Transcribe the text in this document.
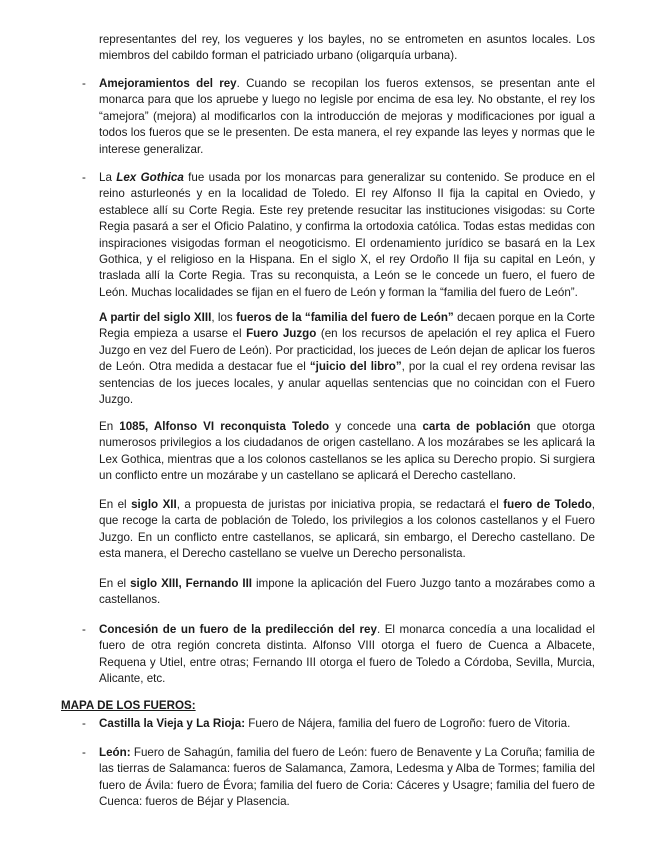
representantes del rey, los vegueres y los bayles, no se entrometen en asuntos locales. Los miembros del cabildo forman el patriciado urbano (oligarquía urbana).

- Amejoramientos del rey. Cuando se recopilan los fueros extensos, se presentan ante el monarca para que los apruebe y luego no legisle por encima de esa ley. No obstante, el rey los “amejora” (mejora) al modificarlos con la introducción de mejoras y modificaciones por igual a todos los fueros que se le presenten. De esta manera, el rey expande las leyes y normas que le interese generalizar.

- La Lex Gothica fue usada por los monarcas para generalizar su contenido. Se produce en el reino asturleonés y en la localidad de Toledo. El rey Alfonso II fija la capital en Oviedo, y establece allí su Corte Regia. Este rey pretende resucitar las instituciones visigodas: su Corte Regia pasará a ser el Oficio Palatino, y confirma la ortodoxia católica. Todas estas medidas con inspiraciones visigodas forman el neogoticismo. El ordenamiento jurídico se basará en la Lex Gothica, y el religioso en la Hispana. En el siglo X, el rey Ordoño II fija su capital en León, y traslada allí la Corte Regia. Tras su reconquista, a León se le concede un fuero, el fuero de León. Muchas localidades se fijan en el fuero de León y forman la “familia del fuero de León”.

A partir del siglo XIII, los fueros de la “familia del fuero de León” decaen porque en la Corte Regia empieza a usarse el Fuero Juzgo (en los recursos de apelación el rey aplica el Fuero Juzgo en vez del Fuero de León). Por practicidad, los jueces de León dejan de aplicar los fueros de León. Otra medida a destacar fue el “juicio del libro”, por la cual el rey ordena revisar las sentencias de los jueces locales, y anular aquellas sentencias que no coincidan con el Fuero Juzgo.

En 1085, Alfonso VI reconquista Toledo y concede una carta de población que otorga numerosos privilegios a los ciudadanos de origen castellano. A los mozárabes se les aplicará la Lex Gothica, mientras que a los colonos castellanos se les aplica su Derecho propio. Si surgiera un conflicto entre un mozárabe y un castellano se aplicará el Derecho castellano.

En el siglo XII, a propuesta de juristas por iniciativa propia, se redactará el fuero de Toledo, que recoge la carta de población de Toledo, los privilegios a los colonos castellanos y el Fuero Juzgo. En un conflicto entre castellanos, se aplicará, sin embargo, el Derecho castellano. De esta manera, el Derecho castellano se vuelve un Derecho personalista.

En el siglo XIII, Fernando III impone la aplicación del Fuero Juzgo tanto a mozárabes como a castellanos.

- Concesión de un fuero de la predilección del rey. El monarca concedía a una localidad el fuero de otra región concreta distinta. Alfonso VIII otorga el fuero de Cuenca a Albacete, Requena y Utiel, entre otras; Fernando III otorga el fuero de Toledo a Córdoba, Sevilla, Murcia, Alicante, etc.

MAPA DE LOS FUEROS:
- Castilla la Vieja y La Rioja: Fuero de Nájera, familia del fuero de Logroño: fuero de Vitoria.

- León: Fuero de Sahagún, familia del fuero de León: fuero de Benavente y La Coruña; familia de las tierras de Salamanca: fueros de Salamanca, Zamora, Ledesma y Alba de Tormes; familia del fuero de Ávila: fuero de Évora; familia del fuero de Coria: Cáceres y Usagre; familia del fuero de Cuenca: fueros de Béjar y Plasencia.
